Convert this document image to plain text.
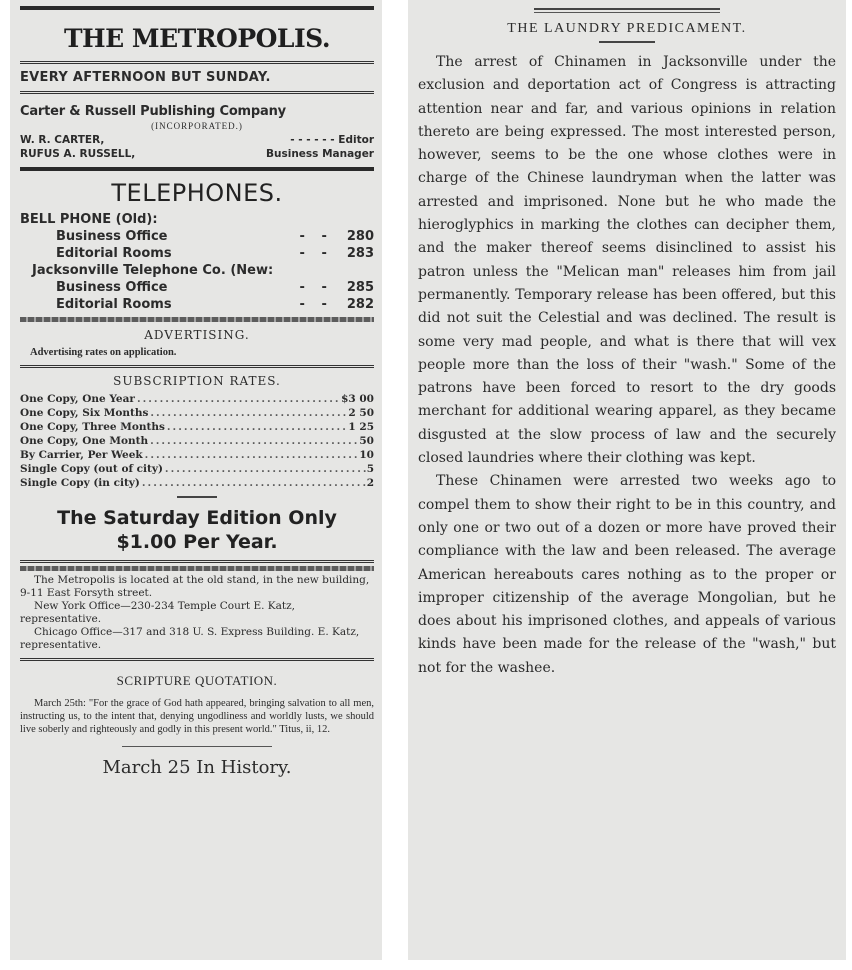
THE METROPOLIS.
EVERY AFTERNOON BUT SUNDAY.
Carter & Russell Publishing Company
(INCORPORATED.)
W. R. CARTER,	- - - - - - Editor
RUFUS A. RUSSELL,	Business Manager
TELEPHONES.
BELL PHONE (Old):
Business Office	- -	280
Editorial Rooms	- -	283
Jacksonville Telephone Co. (New:
Business Office	- -	285
Editorial Rooms	- -	282
ADVERTISING.
Advertising rates on application.
SUBSCRIPTION RATES.
One Copy, One Year .....	$3 00
One Copy, Six Months .....	2 50
One Copy, Three Months .....	1 25
One Copy, One Month .....	50
By Carrier, Per Week .....	10
Single Copy (out of city) .....	5
Single Copy (in city) .....	2
The Saturday Edition Only
$1.00 Per Year.

The Metropolis is located at the old stand, in the new building, 9-11 East Forsyth street.

New York Office—230-234 Temple Court E. Katz, representative.

Chicago Office—317 and 318 U. S. Express Building. E. Katz, representative.

SCRIPTURE QUOTATION.

March 25th: "For the grace of God hath appeared, bringing salvation to all men, instructing us, to the intent that, denying ungodliness and worldly lusts, we should live soberly and righteously and godly in this present world." Titus, ii, 12.

March 25 In History.
THE LAUNDRY PREDICAMENT.

The arrest of Chinamen in Jacksonville under the exclusion and deportation act of Congress is attracting attention near and far, and various opinions in relation thereto are being expressed. The most interested person, however, seems to be the one whose clothes were in charge of the Chinese laundryman when the latter was arrested and imprisoned. None but he who made the hieroglyphics in marking the clothes can decipher them, and the maker thereof seems disinclined to assist his patron unless the "Melican man" releases him from jail permanently. Temporary release has been offered, but this did not suit the Celestial and was declined. The result is some very mad people, and what is there that will vex people more than the loss of their "wash." Some of the patrons have been forced to resort to the dry goods merchant for additional wearing apparel, as they became disgusted at the slow process of law and the securely closed laundries where their clothing was kept.

These Chinamen were arrested two weeks ago to compel them to show their right to be in this country, and only one or two out of a dozen or more have proved their compliance with the law and been released. The average American hereabouts cares nothing as to the proper or improper citizenship of the average Mongolian, but he does about his imprisoned clothes, and appeals of various kinds have been made for the release of the "wash," but not for the washee.
